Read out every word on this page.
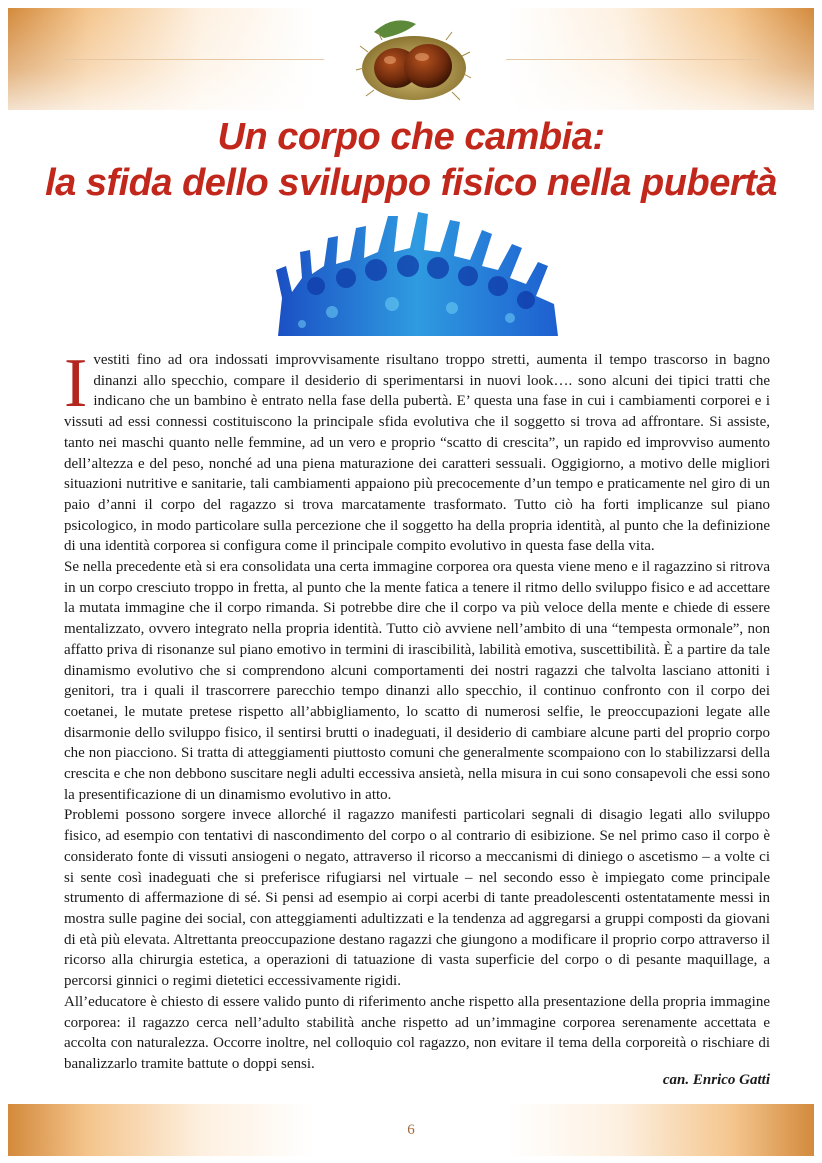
Un corpo che cambia:
la sfida dello sviluppo fisico nella pubertà

Ivestiti fino ad ora indossati improvvisamente risultano troppo stretti, aumenta il tempo trascorso in bagno dinanzi allo specchio, compare il desiderio di sperimentarsi in nuovi look…. sono alcuni dei tipici tratti che indicano che un bambino è entrato nella fase della pubertà. E’ questa una fase in cui i cambiamenti corporei e i vissuti ad essi connessi costituiscono la principale sfida evolutiva che il soggetto si trova ad affrontare. Si assiste, tanto nei maschi quanto nelle femmine, ad un vero e proprio “scatto di crescita”, un rapido ed improvviso aumento dell’altezza e del peso, nonché ad una piena maturazione dei caratteri sessuali. Oggigiorno, a motivo delle migliori situazioni nutritive e sanitarie, tali cambiamenti appaiono più precocemente d’un tempo e praticamente nel giro di un paio d’anni il corpo del ragazzo si trova marcatamente trasformato. Tutto ciò ha forti implicanze sul piano psicologico, in modo particolare sulla percezione che il soggetto ha della propria identità, al punto che la definizione di una identità corporea si configura come il principale compito evolutivo in questa fase della vita.

Se nella precedente età si era consolidata una certa immagine corporea ora questa viene meno e il ragazzino si ritrova in un corpo cresciuto troppo in fretta, al punto che la mente fatica a tenere il ritmo dello sviluppo fisico e ad accettare la mutata immagine che il corpo rimanda. Si potrebbe dire che il corpo va più veloce della mente e chiede di essere mentalizzato, ovvero integrato nella propria identità. Tutto ciò avviene nell’ambito di una “tempesta ormonale”, non affatto priva di risonanze sul piano emotivo in termini di irascibilità, labilità emotiva, suscettibilità. È a partire da tale dinamismo evolutivo che si comprendono alcuni comportamenti dei nostri ragazzi che talvolta lasciano attoniti i genitori, tra i quali il trascorrere parecchio tempo dinanzi allo specchio, il continuo confronto con il corpo dei coetanei, le mutate pretese rispetto all’abbigliamento, lo scatto di numerosi selfie, le preoccupazioni legate alle disarmonie dello sviluppo fisico, il sentirsi brutti o inadeguati, il desiderio di cambiare alcune parti del proprio corpo che non piacciono. Si tratta di atteggiamenti piuttosto comuni che generalmente scompaiono con lo stabilizzarsi della crescita e che non debbono suscitare negli adulti eccessiva ansietà, nella misura in cui sono consapevoli che essi sono la presentificazione di un dinamismo evolutivo in atto.

Problemi possono sorgere invece allorché il ragazzo manifesti particolari segnali di disagio legati allo sviluppo fisico, ad esempio con tentativi di nascondimento del corpo o al contrario di esibizione. Se nel primo caso il corpo è considerato fonte di vissuti ansiogeni o negato, attraverso il ricorso a meccanismi di diniego o ascetismo – a volte ci si sente così inadeguati che si preferisce rifugiarsi nel virtuale – nel secondo esso è impiegato come principale strumento di affermazione di sé. Si pensi ad esempio ai corpi acerbi di tante preadolescenti ostentatamente messi in mostra sulle pagine dei social, con atteggiamenti adultizzati e la tendenza ad aggregarsi a gruppi composti da giovani di età più elevata. Altrettanta preoccupazione destano ragazzi che giungono a modificare il proprio corpo attraverso il ricorso alla chirurgia estetica, a operazioni di tatuazione di vasta superficie del corpo o di pesante maquillage, a percorsi ginnici o regimi dietetici eccessivamente rigidi.

All’educatore è chiesto di essere valido punto di riferimento anche rispetto alla presentazione della propria immagine corporea: il ragazzo cerca nell’adulto stabilità anche rispetto ad un’immagine corporea serenamente accettata e accolta con naturalezza. Occorre inoltre, nel colloquio col ragazzo, non evitare il tema della corporeità o rischiare di banalizzarlo tramite battute o doppi sensi.

can. Enrico Gatti

6
